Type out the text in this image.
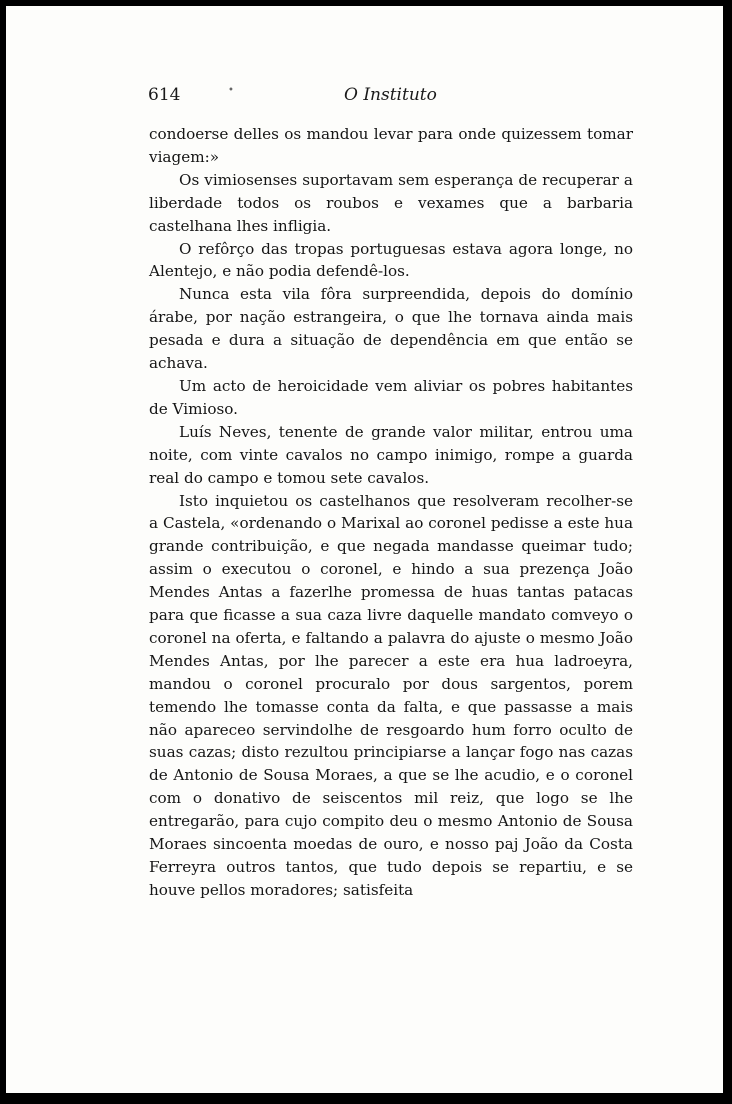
614	•	O Instituto

condoerse delles os mandou levar para onde quizessem tomar viagem:»

Os vimiosenses suportavam sem esperança de recuperar a liberdade todos os roubos e vexames que a barbaria castelhana lhes infligia.

O refôrço das tropas portuguesas estava agora longe, no Alentejo, e não podia defendê-los.

Nunca esta vila fôra surpreendida, depois do domínio árabe, por nação estrangeira, o que lhe tornava ainda mais pesada e dura a situação de dependência em que então se achava.

Um acto de heroicidade vem aliviar os pobres habitantes de Vimioso.

Luís Neves, tenente de grande valor militar, entrou uma noite, com vinte cavalos no campo inimigo, rompe a guarda real do campo e tomou sete cavalos.

Isto inquietou os castelhanos que resolveram recolher-se a Castela, «ordenando o Marixal ao coronel pedisse a este hua grande contribuição, e que negada mandasse queimar tudo; assim o executou o coronel, e hindo a sua prezença João Mendes Antas a fazerlhe promessa de huas tantas patacas para que ficasse a sua caza livre daquelle mandato comveyo o coronel na oferta, e faltando a palavra do ajuste o mesmo João Mendes Antas, por lhe parecer a este era hua ladroeyra, mandou o coronel procuralo por dous sargentos, porem temendo lhe tomasse conta da falta, e que passasse a mais não apareceo servindolhe de resgoardo hum forro oculto de suas cazas; disto rezultou principiarse a lançar fogo nas cazas de Antonio de Sousa Moraes, a que se lhe acudio, e o coronel com o donativo de seiscentos mil reiz, que logo se lhe entregarão, para cujo compito deu o mesmo Antonio de Sousa Moraes sincoenta moedas de ouro, e nosso paj João da Costa Ferreyra outros tantos, que tudo depois se repartiu, e se houve pellos moradores; satisfeita
